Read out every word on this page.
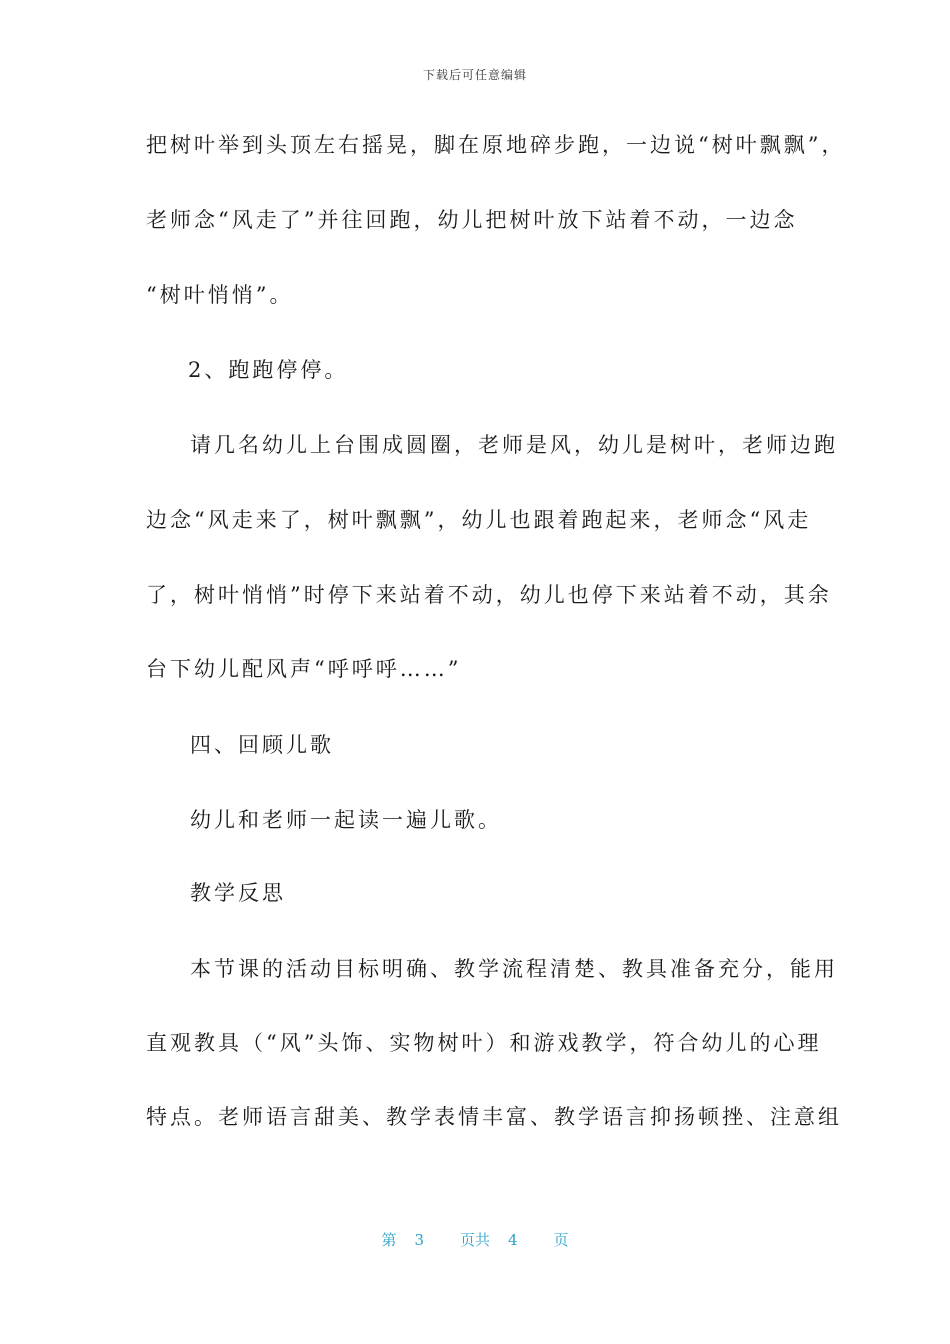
下载后可任意编辑
把树叶举到头顶左右摇晃，脚在原地碎步跑，一边说“树叶飘飘”，
老师念“风走了”并往回跑，幼儿把树叶放下站着不动，一边念
“树叶悄悄”。
2、跑跑停停。
请几名幼儿上台围成圆圈，老师是风，幼儿是树叶，老师边跑
边念“风走来了，树叶飘飘”，幼儿也跟着跑起来，老师念“风走
了，树叶悄悄”时停下来站着不动，幼儿也停下来站着不动，其余
台下幼儿配风声“呼呼呼……”
四、回顾儿歌
幼儿和老师一起读一遍儿歌。
教学反思
本节课的活动目标明确、教学流程清楚、教具准备充分，能用
直观教具（“风”头饰、实物树叶）和游戏教学，符合幼儿的心理
特点。老师语言甜美、教学表情丰富、教学语言抑扬顿挫、注意组
第 3 页共 4 页
